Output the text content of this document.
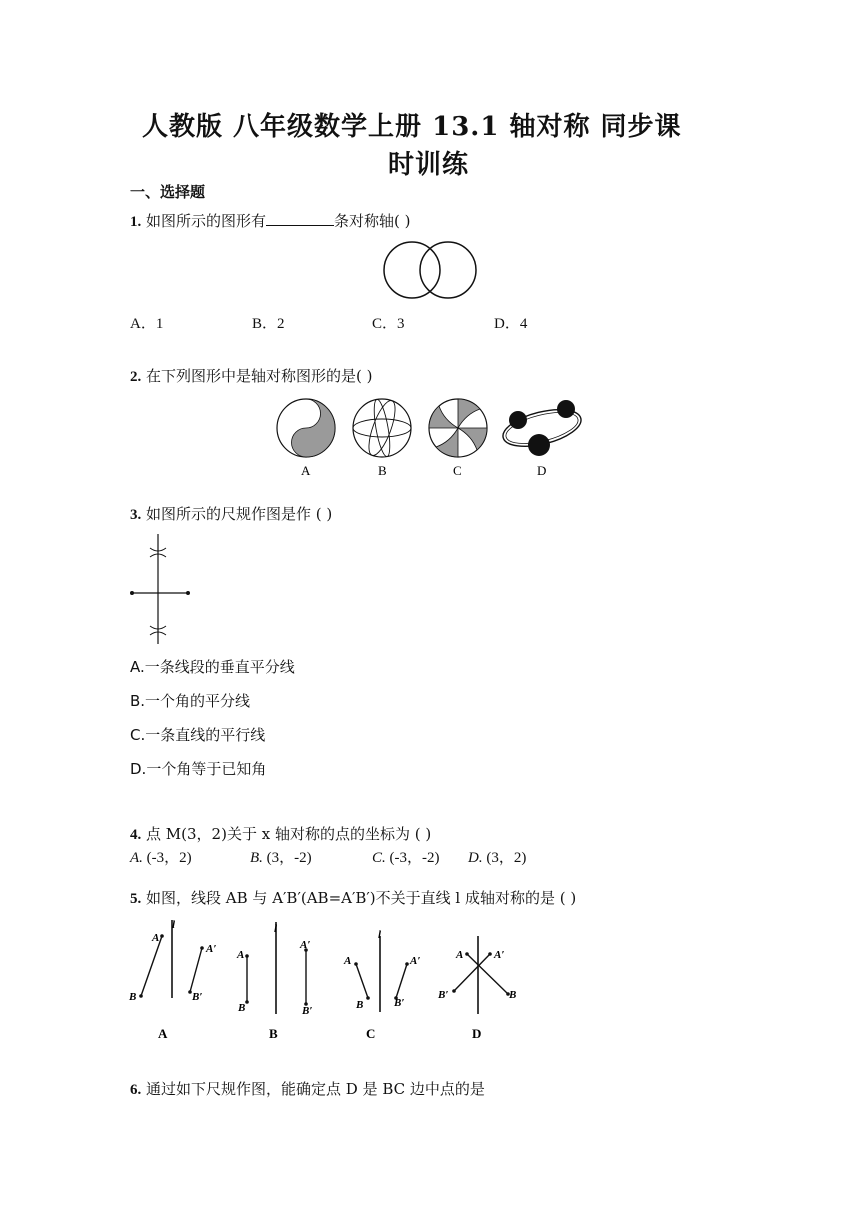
人教版 八年级数学上册 13.1 轴对称 同步课
时训练
一、选择题
1. 如图所示的图形有	条对称轴( )
A．1	B．2	C．3	D．4
2. 在下列图形中是轴对称图形的是( )
A	B	C	D
3. 如图所示的尺规作图是作 ( )
A.一条线段的垂直平分线
B.一个角的平分线
C.一条直线的平行线
D.一个角等于已知角
4. 点 M(3，2)关于 x 轴对称的点的坐标为 ( )
A. (-3，2)	B. (3，-2)	C. (-3，-2) D. (3，2)
5. 如图，线段 AB 与 A′B′(AB=A′B′)不关于直线 l 成轴对称的是 ( )
l
A
B
A′
B′
l
A
B
A′
B′
l
A
B
A′
B′
A
B
A′
B′
A	B	C	D
6. 通过如下尺规作图，能确定点 D 是 BC 边中点的是
